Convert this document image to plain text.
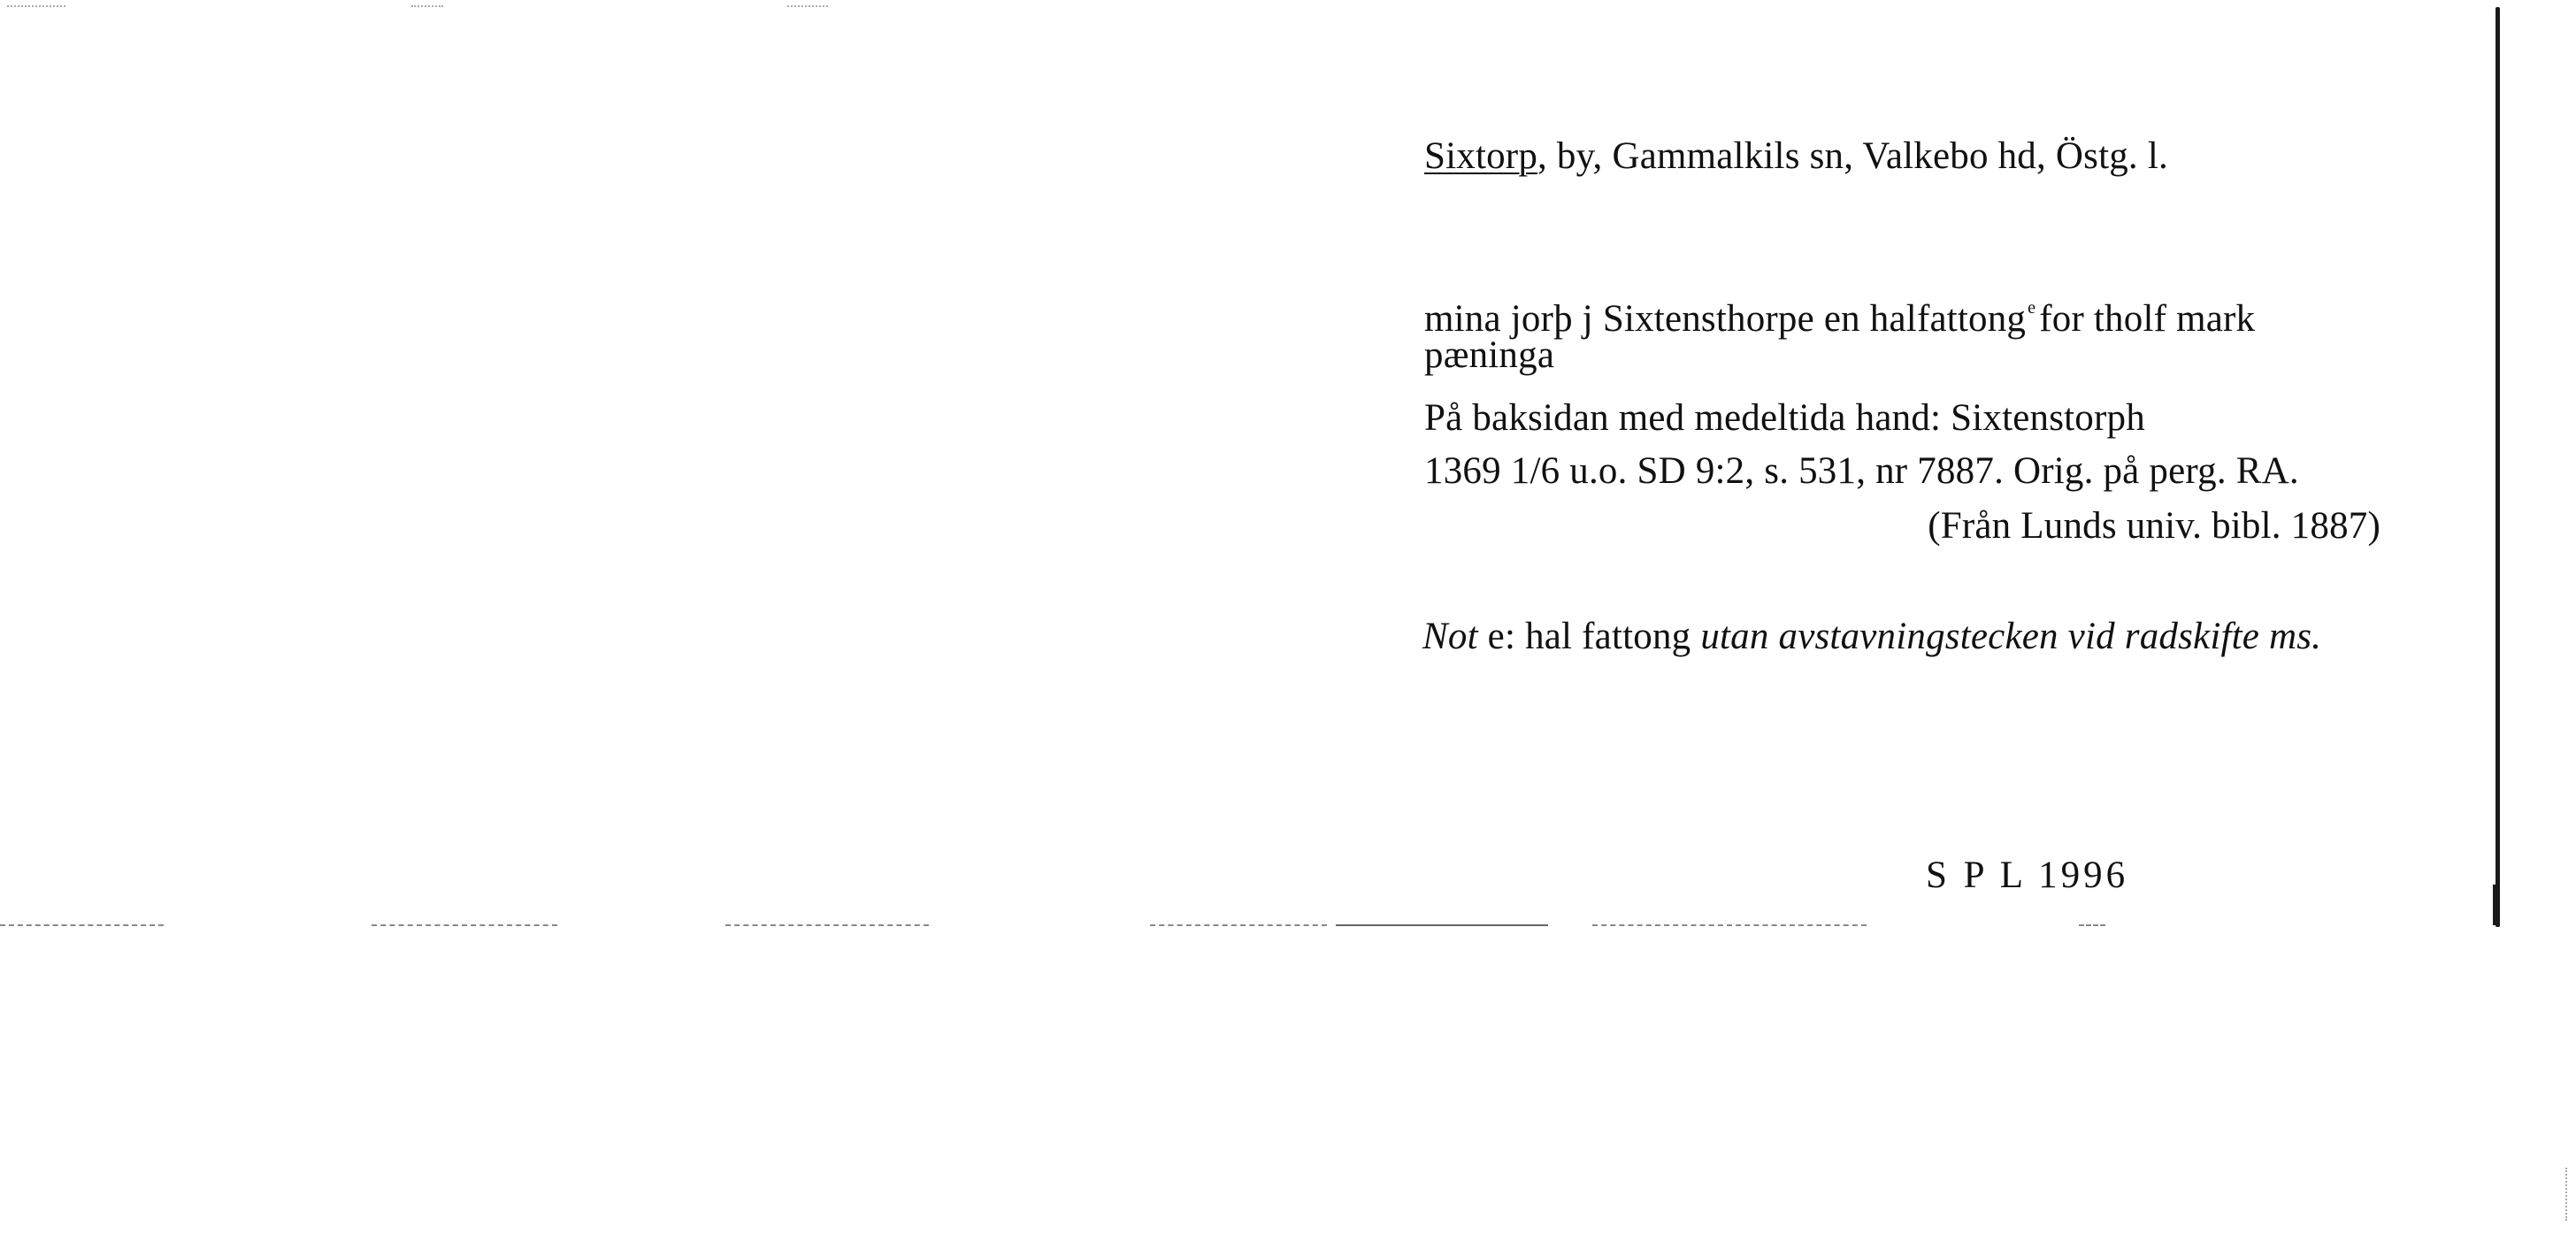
Sixtorp, by, Gammalkils sn, Valkebo hd, Östg. l.
mina jorþ j Sixtensthorpe en halfattong $^e$for tholf mark
pæninga
På baksidan med medeltida hand: Sixtenstorph
1369 1/6 u.o. SD 9:2, s. 531, nr 7887. Orig. på perg. RA.
(Från Lunds univ. bibl. 1887)
Not e: hal fattong utan avstavningstecken vid radskifte ms.
S P L 1996
